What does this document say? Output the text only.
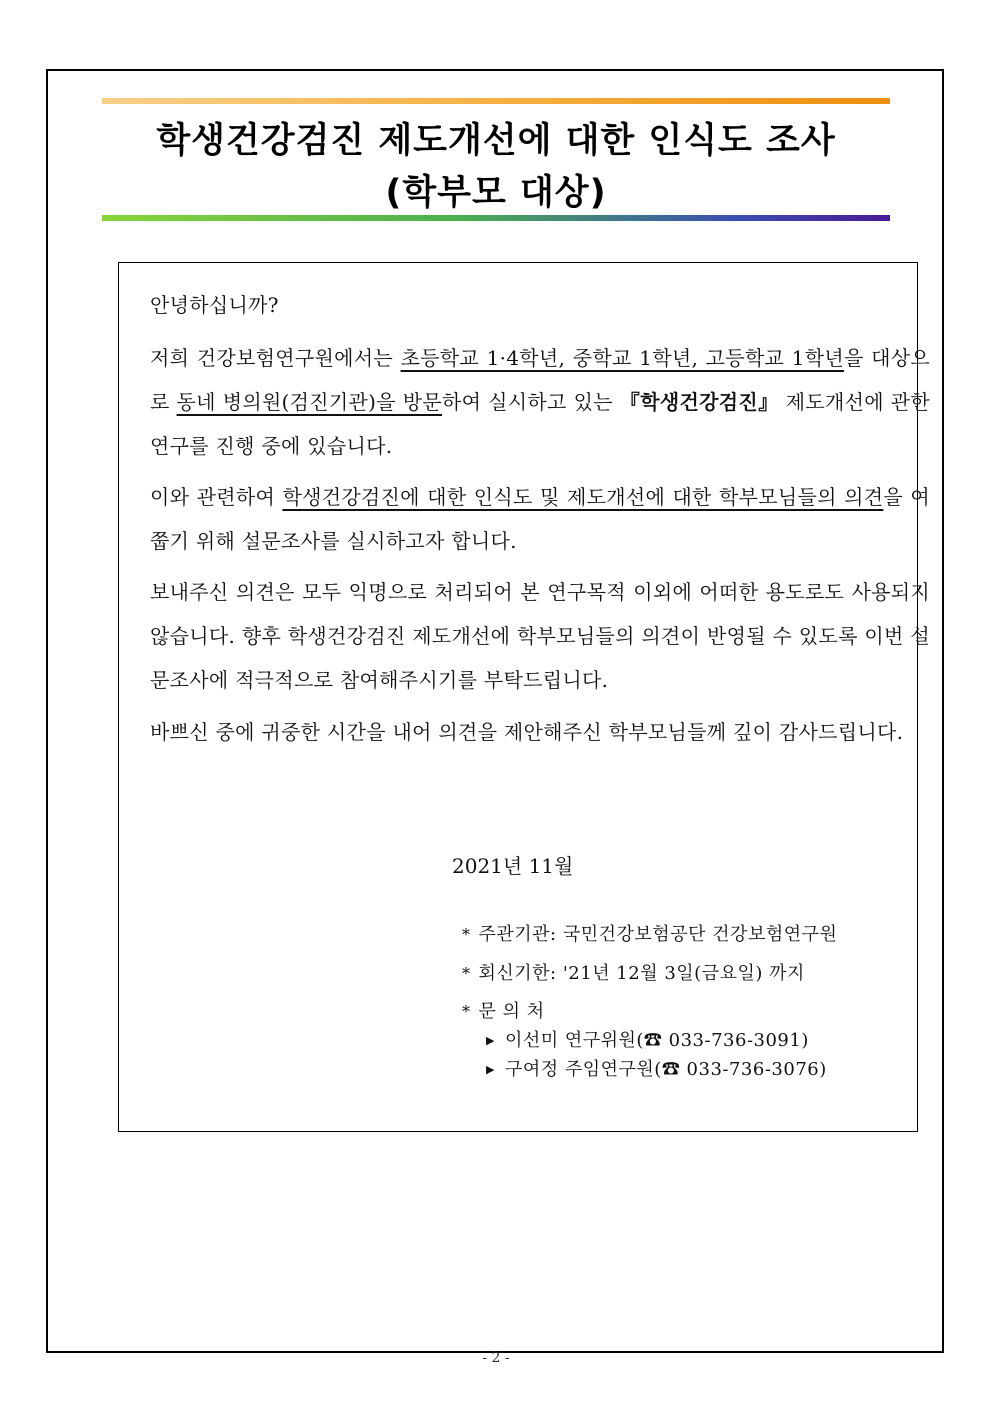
학생건강검진 제도개선에 대한 인식도 조사
(학부모 대상)

안녕하십니까?

저희 건강보험연구원에서는 초등학교 1·4학년, 중학교 1학년, 고등학교 1학년을 대상으로 동네 병의원(검진기관)을 방문하여 실시하고 있는 『학생건강검진』 제도개선에 관한 연구를 진행 중에 있습니다.

이와 관련하여 학생건강검진에 대한 인식도 및 제도개선에 대한 학부모님들의 의견을 여쭙기 위해 설문조사를 실시하고자 합니다.

보내주신 의견은 모두 익명으로 처리되어 본 연구목적 이외에 어떠한 용도로도 사용되지 않습니다. 향후 학생건강검진 제도개선에 학부모님들의 의견이 반영될 수 있도록 이번 설문조사에 적극적으로 참여해주시기를 부탁드립니다.

바쁘신 중에 귀중한 시간을 내어 의견을 제안해주신 학부모님들께 깊이 감사드립니다.

2021년 11월

* 주관기관: 국민건강보험공단 건강보험연구원

* 회신기한: '21년 12월 3일(금요일) 까지

* 문 의 처

▶ 이선미 연구위원(☎ 033-736-3091)

▶ 구여정 주임연구원(☎ 033-736-3076)

- 2 -
